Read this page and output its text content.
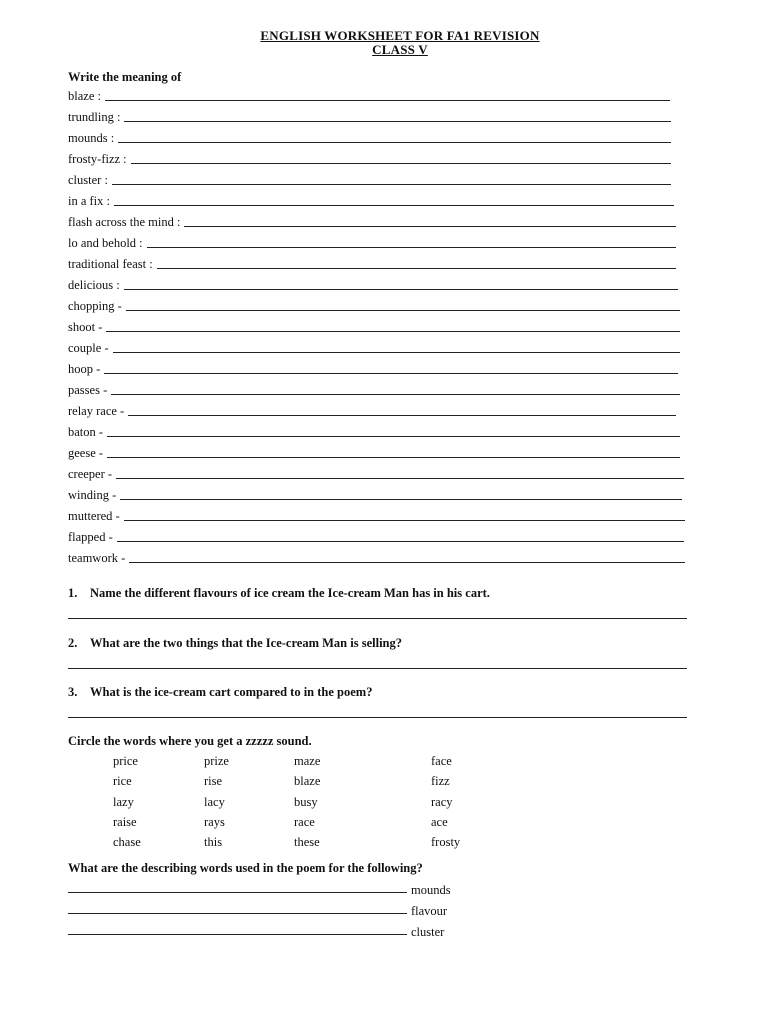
ENGLISH WORKSHEET FOR FA1 REVISION
CLASS V
Write the meaning of
blaze :
trundling :
mounds :
frosty-fizz :
cluster :
in a fix :
flash across the mind :
lo and behold :
traditional feast :
delicious :
chopping -
shoot -
couple -
hoop -
passes -
relay race -
baton -
geese -
creeper -
winding -
muttered -
flapped -
teamwork -
1. Name the different flavours of ice cream the Ice-cream Man has in his cart.
2. What are the two things that the Ice-cream Man is selling?
3. What is the ice-cream cart compared to in the poem?
Circle the words where you get a zzzzz sound.
price	prize	maze	face
rice	rise	blaze	fizz
lazy	lacy	busy	racy
raise	rays	race	ace
chase	this	these	frosty
What are the describing words used in the poem for the following?
mounds
flavour
cluster
